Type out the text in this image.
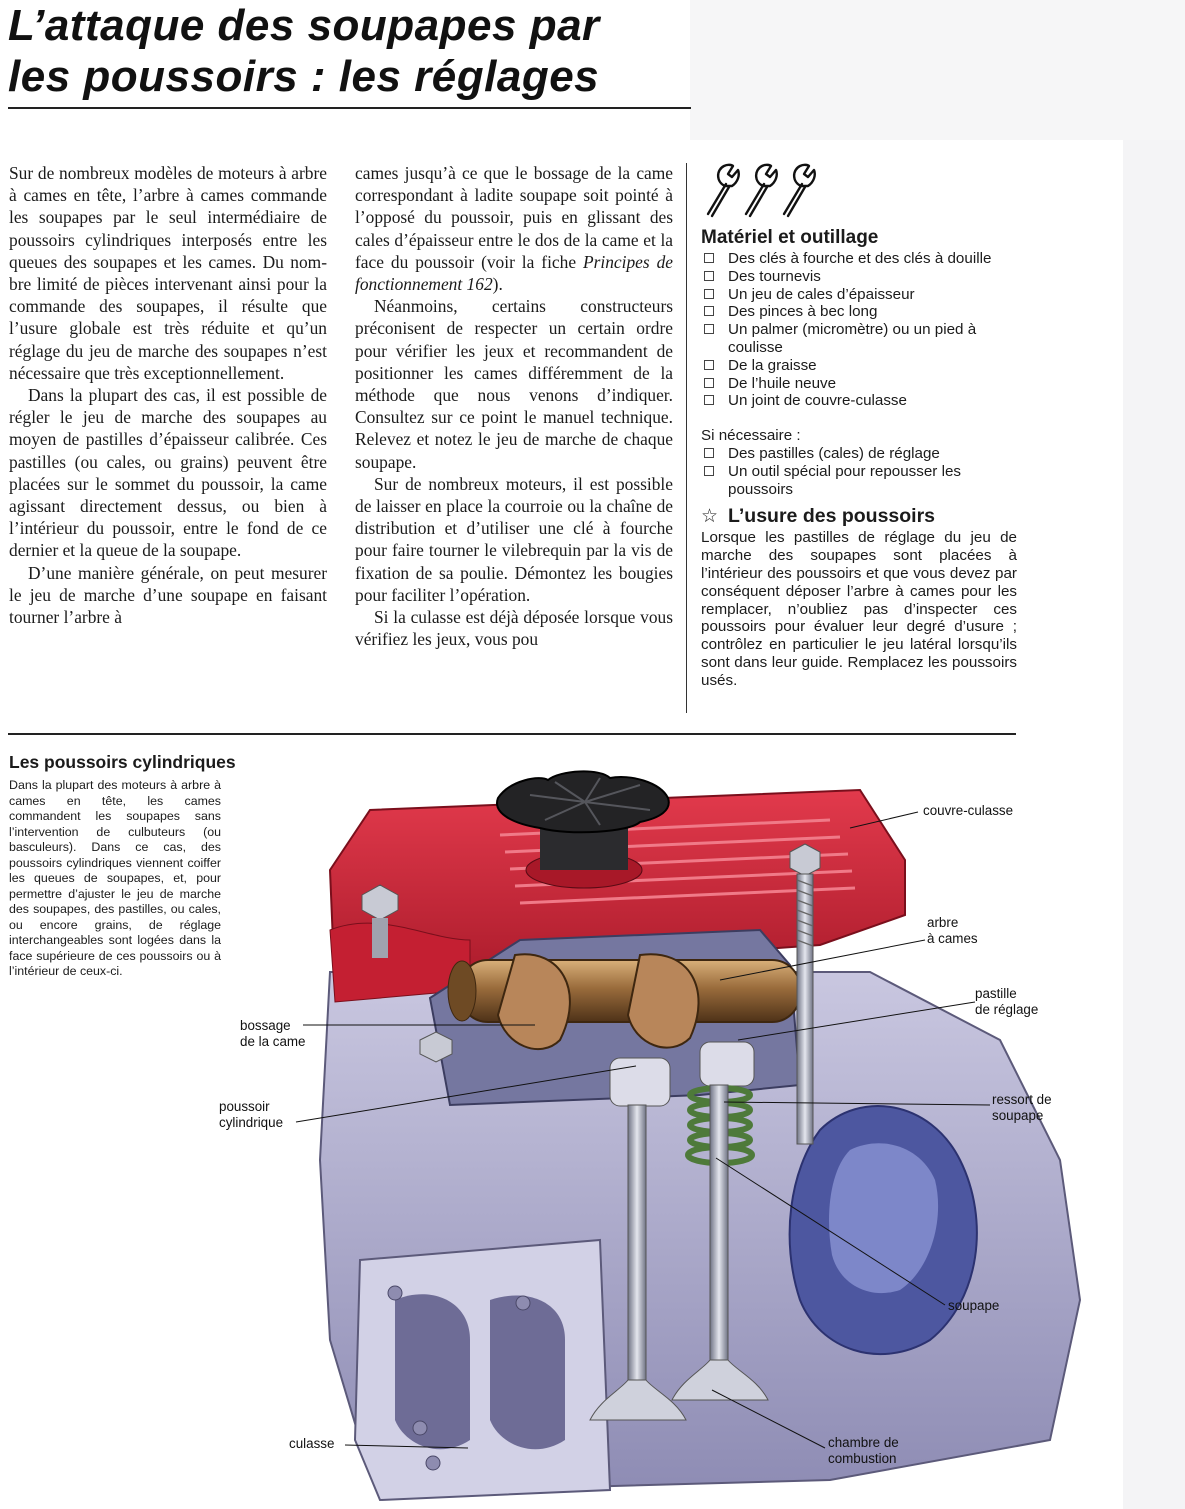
L’attaque des soupapes par
les poussoirs : les réglages

Sur de nombreux modèles de moteurs à arbre à cames en tête, l’arbre à cames commande les soupapes par le seul intermédiaire de poussoirs cylindriques interposés entre les queues des soupapes et les cames. Du nombre limité de pièces intervenant ainsi pour la commande des soupapes, il résulte que l’usure globale est très réduite et qu’un réglage du jeu de marche des soupapes n’est nécessaire que très exceptionnellement.

Dans la plupart des cas, il est possible de régler le jeu de marche des soupapes au moyen de pastilles d’épaisseur calibrée. Ces pastilles (ou cales, ou grains) peuvent être placées sur le sommet du poussoir, la came agissant directement dessus, ou bien à l’intérieur du poussoir, entre le fond de ce dernier et la queue de la soupape.

D’une manière générale, on peut mesurer le jeu de marche d’une soupape en faisant tourner l’arbre à

cames jusqu’à ce que le bossage de la came correspondant à ladite soupape soit pointé à l’opposé du poussoir, puis en glissant des cales d’épaisseur entre le dos de la came et la face du poussoir (voir la fiche Principes de fonctionnement 162).

Néanmoins, certains constructeurs préconisent de respecter un certain ordre pour vérifier les jeux et recommandent de positionner les cames différemment de la méthode que nous venons d’indiquer. Consultez sur ce point le manuel technique. Relevez et notez le jeu de marche de chaque soupape.

Sur de nombreux moteurs, il est possible de laisser en place la courroie ou la chaîne de distribution et d’utiliser une clé à fourche pour faire tourner le vilebrequin par la vis de fixation de sa poulie. Démontez les bougies pour faciliter l’opération.

Si la culasse est déjà déposée lorsque vous vérifiez les jeux, vous pou

Matériel et outillage
Des clés à fourche et des clés à douille
Des tournevis
Un jeu de cales d’épaisseur
Des pinces à bec long
Un palmer (micromètre) ou un pied à coulisse
De la graisse
De l’huile neuve
Un joint de couvre-culasse
Si nécessaire :
Des pastilles (cales) de réglage
Un outil spécial pour repousser les poussoirs
☆ L’usure des poussoirs

Lorsque les pastilles de réglage du jeu de marche des soupapes sont placées à l’intérieur des poussoirs et que vous devez par conséquent déposer l’arbre à cames pour les remplacer, n’oubliez pas d’inspecter ces poussoirs pour évaluer leur degré d’usure ; contrôlez en particulier le jeu latéral lorsqu’ils sont dans leur guide. Remplacez les poussoirs usés.

Les poussoirs cylindriques

Dans la plupart des moteurs à arbre à cames en tête, les cames commandent les soupapes sans l’intervention de culbuteurs (ou basculeurs). Dans ce cas, des poussoirs cylindriques viennent coiffer les queues de soupapes, et, pour permettre d’ajuster le jeu de marche des soupapes, des pastilles, ou cales, ou encore grains, de réglage interchangeables sont logées dans la face supérieure de ces poussoirs ou à l’intérieur de ceux-ci.

couvre-culasse
arbre
à cames
pastille
de réglage
bossage
de la came
poussoir
cylindrique
ressort de
soupape
soupape
culasse	chambre de
combustion
